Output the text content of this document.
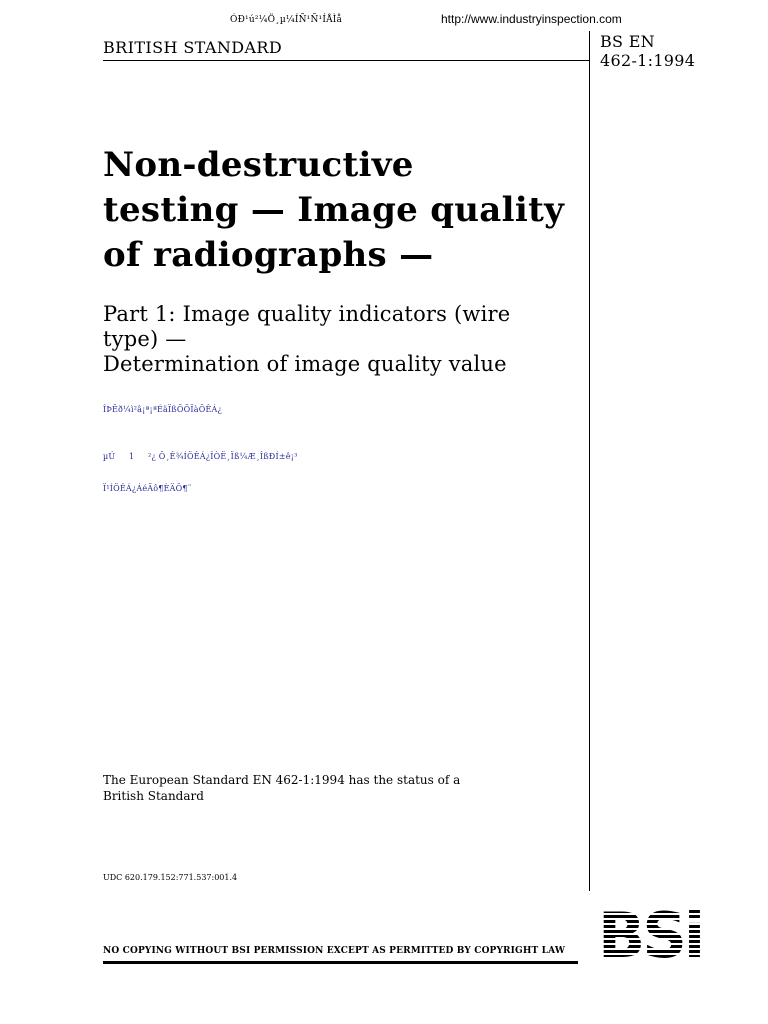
ÓÐ¹ú²¼Ö¸µ¼ÍÑ¹Ñ¹ÍÅÌå	http://www.industryinspection.com
BRITISH STANDARD	BS EN
462-1:1994
Non-destructive
testing — Image quality
of radiographs —
Part 1: Image quality indicators (wire
type) —
Determination of image quality value
ÎÞËð¼ì²â¡ª¡ªÉäÏßÕÕÏàÖÊÁ¿
µÚ     1     ²¿ Ö¸Ê¾ÍÖÊÁ¿ÎÒË¸Ïß¼Æ¸ÎßÐÍ±ê¡³
Ï¹ÍÖÊÁ¿ÁéÃô¶ÈÄÖ¶¨
The European Standard EN 462-1:1994 has the status of a
British Standard
UDC 620.179.152:771.537:001.4
NO COPYING WITHOUT BSI PERMISSION EXCEPT AS PERMITTED BY COPYRIGHT LAW
